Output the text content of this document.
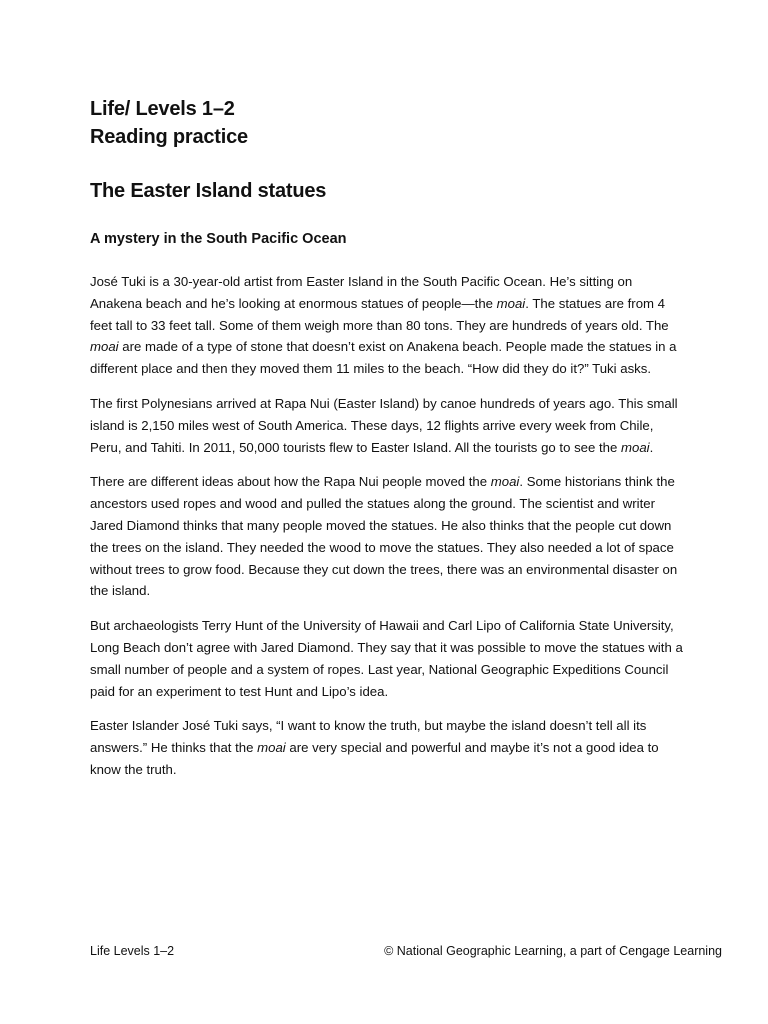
Life/ Levels 1–2
Reading practice
The Easter Island statues
A mystery in the South Pacific Ocean

José Tuki is a 30-year-old artist from Easter Island in the South Pacific Ocean. He’s sitting on Anakena beach and he’s looking at enormous statues of people—the moai. The statues are from 4 feet tall to 33 feet tall. Some of them weigh more than 80 tons. They are hundreds of years old. The moai are made of a type of stone that doesn’t exist on Anakena beach. People made the statues in a different place and then they moved them 11 miles to the beach. “How did they do it?” Tuki asks.

The first Polynesians arrived at Rapa Nui (Easter Island) by canoe hundreds of years ago. This small island is 2,150 miles west of South America. These days, 12 flights arrive every week from Chile, Peru, and Tahiti. In 2011, 50,000 tourists flew to Easter Island. All the tourists go to see the moai.

There are different ideas about how the Rapa Nui people moved the moai. Some historians think the ancestors used ropes and wood and pulled the statues along the ground. The scientist and writer Jared Diamond thinks that many people moved the statues. He also thinks that the people cut down the trees on the island. They needed the wood to move the statues. They also needed a lot of space without trees to grow food. Because they cut down the trees, there was an environmental disaster on the island.

But archaeologists Terry Hunt of the University of Hawaii and Carl Lipo of California State University, Long Beach don’t agree with Jared Diamond. They say that it was possible to move the statues with a small number of people and a system of ropes. Last year, National Geographic Expeditions Council paid for an experiment to test Hunt and Lipo’s idea.

Easter Islander José Tuki says, “I want to know the truth, but maybe the island doesn’t tell all its answers.” He thinks that the moai are very special and powerful and maybe it’s not a good idea to know the truth.

Life Levels 1–2	© National Geographic Learning, a part of Cengage Learning
